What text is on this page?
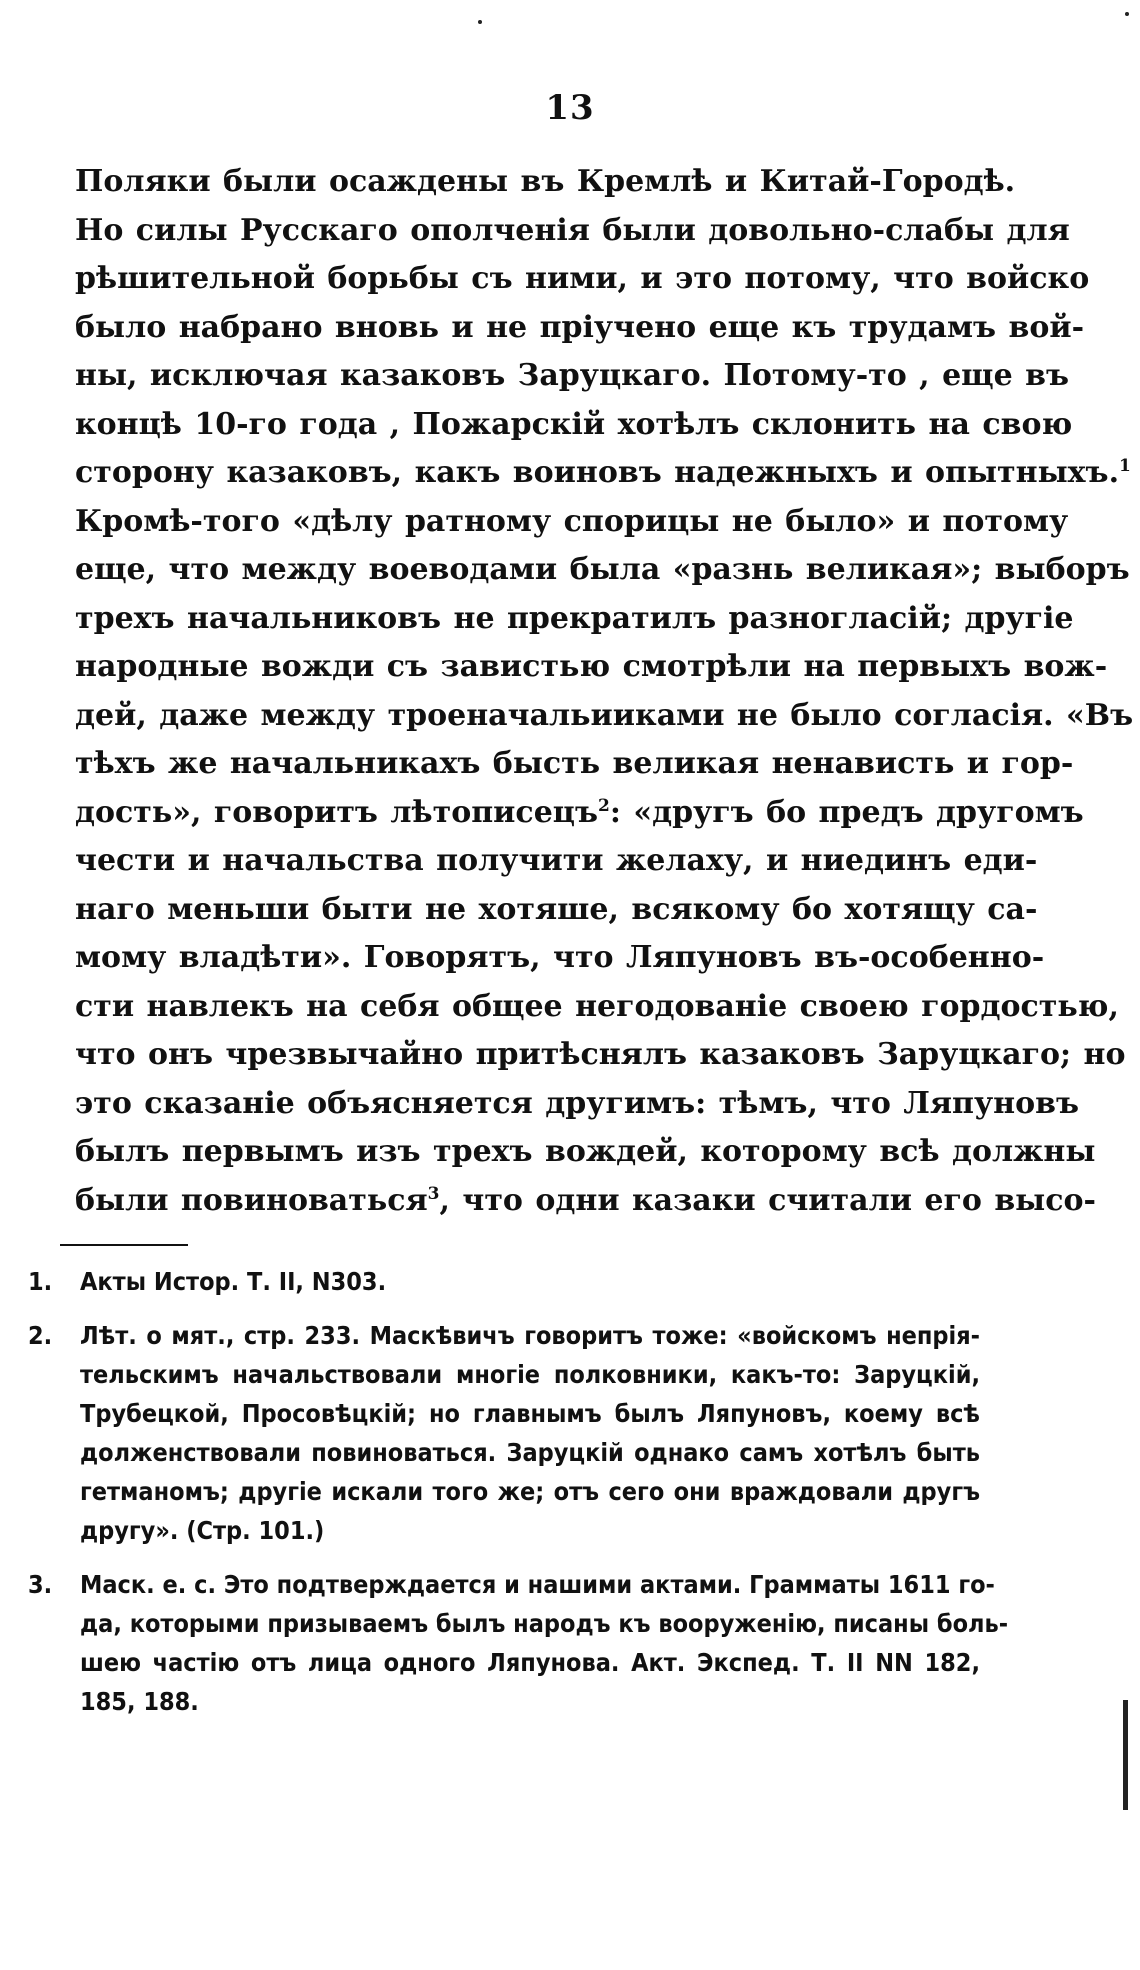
13
Поляки были осаждены въ Кремлѣ и Китай-Городѣ.
Но силы Русскаго ополченія были довольно-слабы для
рѣшительной борьбы съ ними, и это потому, что войско
было набрано вновь и не пріучено еще къ трудамъ вой-
ны, исключая казаковъ Заруцкаго. Потому-то , еще въ
концѣ 10-го года , Пожарскій хотѣлъ склонить на свою
сторону казаковъ, какъ воиновъ надежныхъ и опытныхъ.$^1$
Кромѣ-того «дѣлу ратному спорицы не было» и потому
еще, что между воеводами была «разнь великая»; выборъ
трехъ начальниковъ не прекратилъ разногласій; другіе
народные вожди съ завистью смотрѣли на первыхъ вож-
дей, даже между троеначальииками не было согласія. «Въ
тѣхъ же начальникахъ бысть великая ненависть и гор-
дость», говоритъ лѣтописецъ$^2$: «другъ бо предъ другомъ
чести и начальства получити желаху, и ниединъ еди-
наго меньши быти не хотяше, всякому бо хотящу са-
мому владѣти». Говорятъ, что Ляпуновъ въ-особенно-
сти навлекъ на себя общее негодованіе своею гордостью,
что онъ чрезвычайно притѣснялъ казаковъ Заруцкаго; но
это сказаніе объясняется другимъ: тѣмъ, что Ляпуновъ
былъ первымъ изъ трехъ вождей, которому всѣ должны
были повиноваться$^3$, что одни казаки считали его высо-
1. Акты Истор. Т. II, N303.
2. Лѣт. о мят., стр. 233. Маскѣвичъ говоритъ тоже: «войскомъ непрія-
тельскимъ начальствовали многіе полковники, какъ-то: Заруцкій,
Трубецкой, Просовѣцкій; но главнымъ былъ Ляпуновъ, коему всѣ
долженствовали повиноваться. Заруцкій однако самъ хотѣлъ быть
гетманомъ; другіе искали того же; отъ сего они враждовали другъ
другу». (Стр. 101.)
3. Маск. е. с. Это подтверждается и нашими актами. Грамматы 1611 го-
да, которыми призываемъ былъ народъ къ вооруженію, писаны боль-
шею частію отъ лица одного Ляпунова. Акт. Экспед. Т. II NN 182,
185, 188.
